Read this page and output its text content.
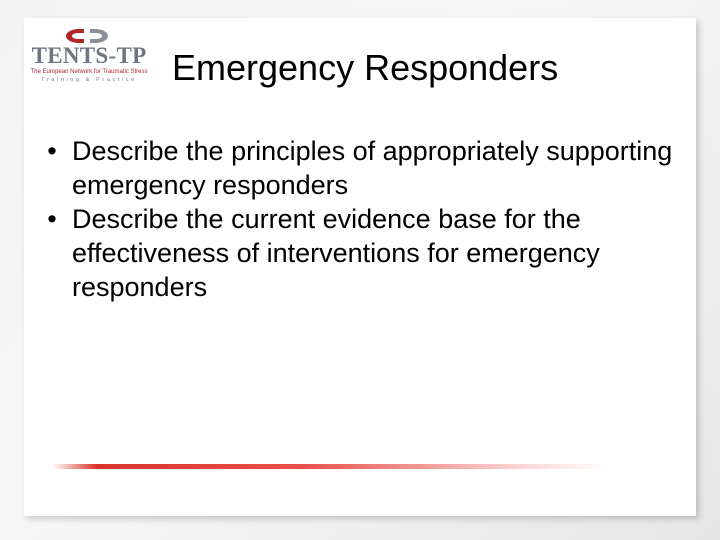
TENTS-TP
The European Network for Traumatic Stress
Training & Practice Emergency Responders
• Describe the principles of appropriately supporting emergency responders
• Describe the current evidence base for the effectiveness of interventions for emergency responders
